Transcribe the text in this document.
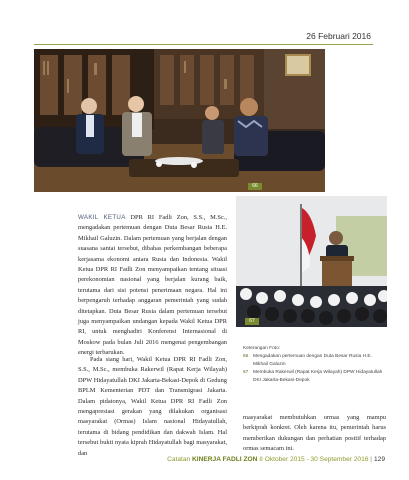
26 Februari 2016
66
67

WAKIL KETUA DPR RI Fadli Zon, S.S., M.Sc., mengadakan pertemuan dengan Duta Besar Rusia H.E. Mikhail Galuzin. Dalam pertemuan yang berjalan dengan suasana santai tersebut, dibahas perkembangan beberapa kerjasama ekonomi antara Rusia dan Indonesia. Wakil Ketua DPR RI Fadli Zon menyampaikan tentang situasi perekonomian nasional yang berjalan kurang baik, terutama dari sisi potensi penerimaan negara. Hal ini berpengaruh terhadap anggaran pemerintah yang sudah ditetapkan. Duta Besar Rusia dalam pertemuan tersebut juga menyampaikan undangan kepada Wakil Ketua DPR RI, untuk menghadiri Konferensi Internasional di Moskow pada bulan Juli 2016 mengenai pengembangan energi terbarukan.

Pada siang hari, Wakil Ketua DPR RI Fadli Zon, S.S., M.Sc., membuka Rakerwil (Rapat Kerja Wilayah) DPW Hidayatullah DKI Jakarta-Bekasi-Depok di Gedung BPLM Kementerian PDT dan Transmigrasi Jakarta. Dalam pidatonya, Wakil Ketua DPR RI Fadli Zon mengapresiasi gerakan yang dilakukan organisasi masyarakat (Ormas) Islam nasional Hidayatullah, terutama di bidang pendidikan dan dakwah Islam. Hal tersebut bukti nyata kiprah Hidayatullah bagi masyarakat, dan

Keterangan Foto:
66 Mengadakan pertemuan dengan Duta Besar Rusia H.E. Mikhail Galuzin
67 Membuka Rakerwil (Rapat Kerja Wilayah) DPW Hidayatullah DKI Jakarta-Bekasi-Depok

masyarakat membutuhkan ormas yang mampu berkiprah konkret. Oleh karena itu, pemerintah harus memberikan dukungan dan perhatian positif terhadap ormas semacam ini.

Catatan KINERJA FADLI ZON II Oktober 2015 - 30 September 2016 | 129
